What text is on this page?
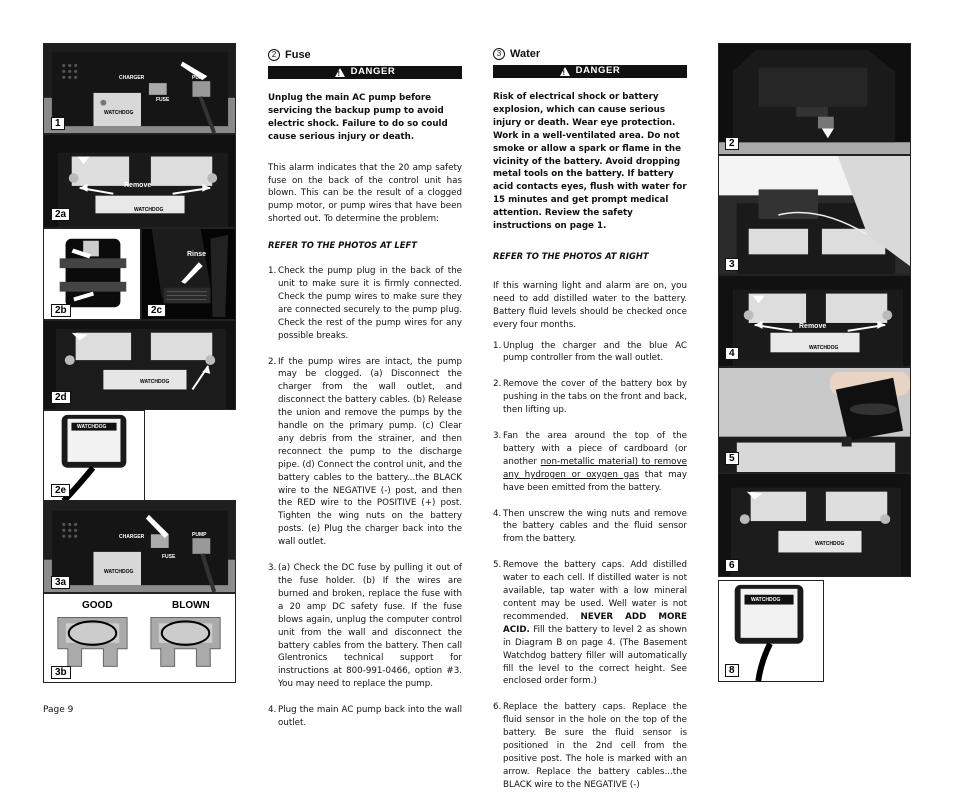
CHARGER	PUMP
FUSE
WATCHDOG
1
Remove
WATCHDOG
2a
2b
Rinse
2c
WATCHDOG
2d
WATCHDOG
2e
CHARGER	PUMP
FUSE
WATCHDOG
3a
GOOD	BLOWN
3b
2 Fuse
!
DANGER

Unplug the main AC pump before servicing the backup pump to avoid electric shock. Failure to do so could cause serious injury or death.

This alarm indicates that the 20 amp safety fuse on the back of the control unit has blown. This can be the result of a clogged pump motor, or pump wires that have been shorted out. To determine the problem:

REFER TO THE PHOTOS AT LEFT

1. Check the pump plug in the back of the unit to make sure it is firmly connected. Check the pump wires to make sure they are connected securely to the pump plug. Check the rest of the pump wires for any possible breaks.
2. If the pump wires are intact, the pump may be clogged. (a) Disconnect the charger from the wall outlet, and disconnect the battery cables. (b) Release the union and remove the pumps by the handle on the primary pump. (c) Clear any debris from the strainer, and then reconnect the pump to the discharge pipe. (d) Connect the control unit, and the battery cables to the battery...the BLACK wire to the NEGATIVE (-) post, and then the RED wire to the POSITIVE (+) post. Tighten the wing nuts on the battery posts. (e) Plug the charger back into the wall outlet.
3. (a) Check the DC fuse by pulling it out of the fuse holder. (b) If the wires are burned and broken, replace the fuse with a 20 amp DC safety fuse. If the fuse blows again, unplug the computer control unit from the wall and disconnect the battery cables from the battery. Then call Glentronics technical support for instructions at 800-991-0466, option #3. You may need to replace the pump.
4. Plug the main AC pump back into the wall outlet.
3 Water
!
DANGER

Risk of electrical shock or battery explosion, which can cause serious injury or death. Wear eye protection. Work in a well-ventilated area. Do not smoke or allow a spark or flame in the vicinity of the battery. Avoid dropping metal tools on the battery. If battery acid contacts eyes, flush with water for 15 minutes and get prompt medical attention. Review the safety instructions on page 1.

REFER TO THE PHOTOS AT RIGHT

If this warning light and alarm are on, you need to add distilled water to the battery. Battery fluid levels should be checked once every four months.

1. Unplug the charger and the blue AC pump controller from the wall outlet.
2. Remove the cover of the battery box by pushing in the tabs on the front and back, then lifting up.
3. Fan the area around the top of the battery with a piece of cardboard (or another non-metallic material) to remove any hydrogen or oxygen gas that may have been emitted from the battery.
4. Then unscrew the wing nuts and remove the battery cables and the fluid sensor from the battery.
5. Remove the battery caps. Add distilled water to each cell. If distilled water is not available, tap water with a low mineral content may be used. Well water is not recommended. NEVER ADD MORE ACID. Fill the battery to level 2 as shown in Diagram B on page 4. (The Basement Watchdog battery filler will automatically fill the level to the correct height. See enclosed order form.)
6. Replace the battery caps. Replace the fluid sensor in the hole on the top of the battery. Be sure the fluid sensor is positioned in the 2nd cell from the positive post. The hole is marked with an arrow. Replace the battery cables...the BLACK wire to the NEGATIVE (-)
2
3
Remove
WATCHDOG
4
5
WATCHDOG
6
WATCHDOG
8
Page 9
